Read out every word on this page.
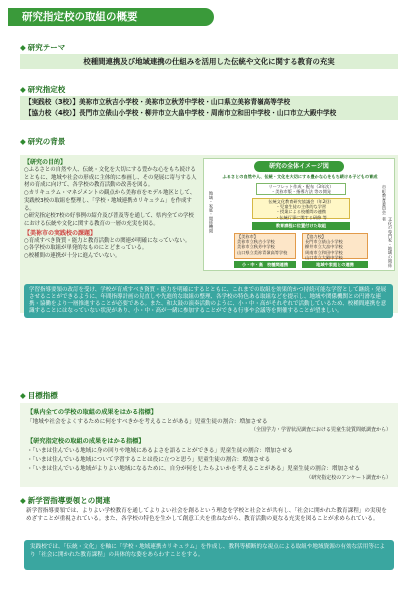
研究指定校の取組の概要
◆ 研究テーマ
校種間連携及び地域連携の仕組みを活用した伝統や文化に関する教育の充実
◆ 研究指定校
【実践校（3校）】美祢市立秋吉小学校・美祢市立秋芳中学校・山口県立美祢青嶺高等学校
【協力校（4校）】長門市立俵山小学校・柳井市立大畠中学校・周南市立和田中学校・山口市立大殿中学校
◆ 研究の背景
【研究の目的】

○ふるさとの自然や人、伝統・文化を大切にする豊かな心をもち続けるとともに、地域や社会の形成に主体的に参画し、その発展に寄与する人材の育成に向けて、各学校の教育活動の改善を図る。

○カリキュラム・マネジメントの観点から美祢市をモデル地区として、実践校3校の取組を整理し、「学校・地域連携カリキュラム」を作成する。

○研究指定校7校の好事例の紹介及び普及等を通して、県内全ての学校における伝統や文化に関する教育の一層の充実を図る。

【美祢市の実践校の課題】

○育成すべき資質・能力と教育活動との関連が明確になっていない。

○各学校の取組が単発的なものにとどまっている。

○校種間の連携が十分に進んでいない。

研究の全体イメージ図
ふるさとの自然や人、伝統・文化を大切にする豊かな心をもち続ける子どもの育成
地域・家庭・関係機関	市町教育委員会
文化の専門家・地域の関係者
リーフレット作成・配布（3年次）
・美祢市版・指導方法 等の開発
伝統文化教育研究協議会（年2回）
・児童生徒の主体的な学習
・授業による校種間の連携
・伝統行事に関する研修 等
教育課程に位置付けた取組
【美祢市】
美祢市立秋吉小学校
美祢市立秋芳中学校
山口県立美祢青嶺高等学校
【協力校】
長門市立俵山小学校
柳井市立大畠中学校
周南市立和田中学校
山口市立大殿中学校
小・中・高　校種間連携	地域や家庭との連携
学習指導要領の改訂を受け、学校が育成すべき資質・能力を明確にするとともに、これまでの取組を効果的かつ持続可能な学習として継続・発展させることができるように、年間指導計画の見直しや先進的な取組の整理、各学校の特色ある取組などを提示し、地域や関係機関との円滑な連携・協働をより一層推進することが必要である。また、和太鼓の演奏活動のように、小・中・高がそれぞれで活動しているため、校種間連携を意識することにはなっていない状況があり、小・中・高が一緒に参加することができる行事や会議等を開催することが望ましい。
◆ 目標指標
【県内全ての学校の取組の成果をはかる指標】
「地域や社会をよくするために何をすべきかを考えることがある」児童生徒の割合：増加させる
（全国学力・学習状況調査における児童生徒質問紙調査から）
【研究指定校の取組の成果をはかる指標】
・「いまは住んでいる地域に身の回りや地域にあるよさを語ることができる」児童生徒の割合：増加させる
・「いまは住んでいる地域について学習することは役に立つと思う」児童生徒の割合：増加させる
・「いまは住んでいる地域がよりよい地域になるために、自分が何をしたらよいかを考えることがある」児童生徒の割合：増加させる
（研究指定校のアンケート調査から）
◆ 新学習指導要領との関連
新学習指導要領では、よりよい学校教育を通してよりよい社会を創るという理念を学校と社会とが共有し、「社会に開かれた教育課程」の実現をめざすことが重視されている。また、各学校の特色を生かして創意工夫を重ねながら、教育活動の更なる充実を図ることが求められている。
実践校では、「伝統・文化」を軸に「学校・地域連携カリキュラム」を作成し、教科等横断的な視点による取組や地域資源の有効な活用等により「社会に開かれた教育課程」の具体的な姿をあらわすことをする。
